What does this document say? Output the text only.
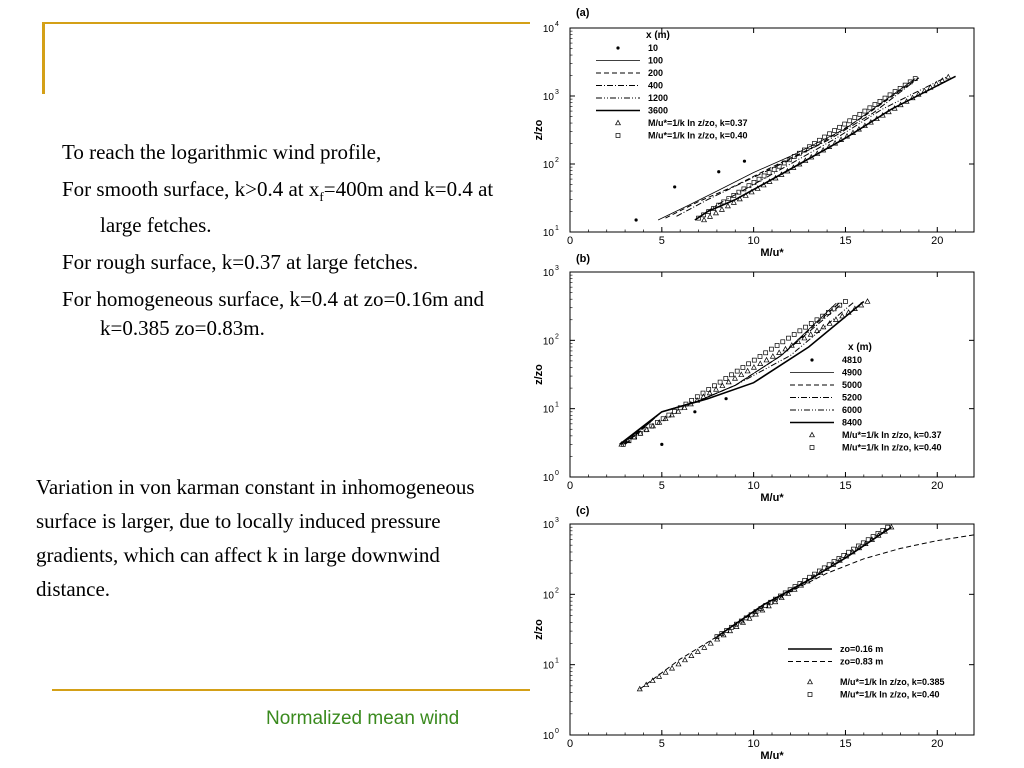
To reach the logarithmic wind profile,

For smooth surface, k>0.4 at $x_f=400m$ and k=0.4 at large fetches.

For rough surface, k=0.37 at large fetches.

For homogeneous surface, k=0.4 at zo=0.16m and k=0.385 zo=0.83m.

Variation in von karman constant in inhomogeneous surface is larger, due to locally induced pressure gradients, which can affect k in large downwind distance.
Normalized mean wind
(a)
0	5	10	15	20
10 1
10 2
10 3
10 4
M/u*
z/zo
x (m)
10
100
200
400
1200
3600
M/u*=1/k ln z/zo, k=0.37
M/u*=1/k ln z/zo, k=0.40
(b)
0	5	10	15	20
10 0
10 1
10 2
10 3
M/u*
z/zo
x (m)
4810
4900
5000
5200
6000
8400
M/u*=1/k ln z/zo, k=0.37
M/u*=1/k ln z/zo, k=0.40
(c)
0	5	10	15	20
10 0
10 1
10 2
10 3
M/u*
z/zo
zo=0.16 m
zo=0.83 m
M/u*=1/k ln z/zo, k=0.385
M/u*=1/k ln z/zo, k=0.40
